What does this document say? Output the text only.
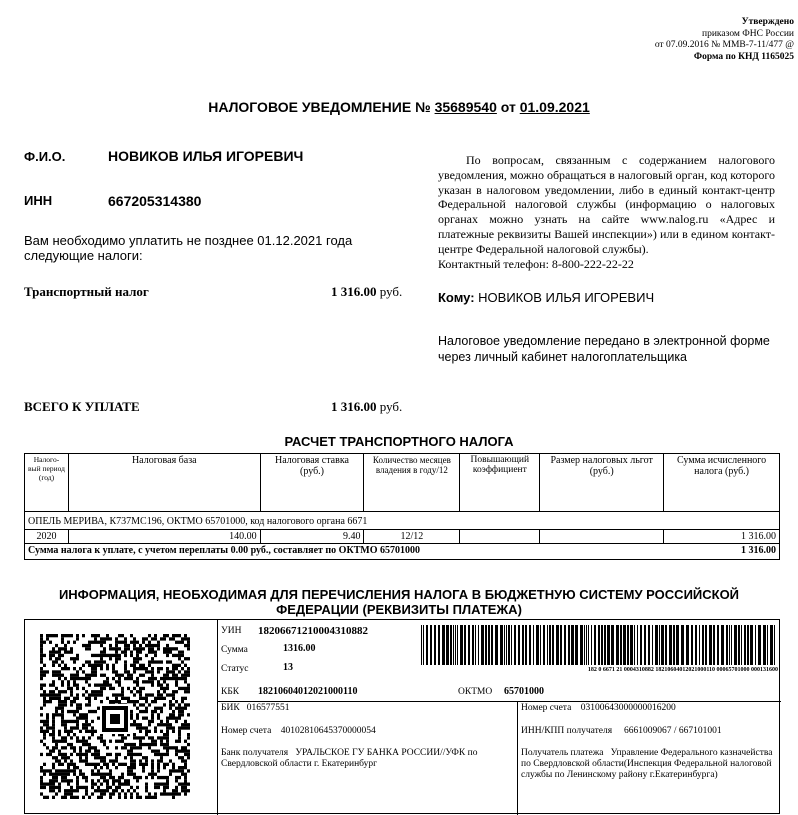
Утверждено
приказом ФНС России
от 07.09.2016 № ММВ-7-11/477 @
Форма по КНД 1165025
НАЛОГОВОЕ УВЕДОМЛЕНИЕ № 35689540 от 01.09.2021
Ф.И.О.	НОВИКОВ ИЛЬЯ ИГОРЕВИЧ
ИНН	667205314380
Вам необходимо уплатить не позднее 01.12.2021 года
следующие налоги:
Транспортный налог	1 316.00 руб.
ВСЕГО К УПЛАТЕ	1 316.00 руб.

По вопросам, связанным с содержанием налогового уведомления, можно обращаться в налоговый орган, код которого указан в налоговом уведомлении, либо в единый контакт-центр Федеральной налоговой службы (информацию о налоговых органах можно узнать на сайте www.nalog.ru «Адрес и платежные реквизиты Вашей инспекции») или в едином контакт-центре Федеральной налоговой службы).

Контактный телефон: 8-800-222-22-22
Кому: НОВИКОВ ИЛЬЯ ИГОРЕВИЧ
Налоговое уведомление передано в электронной форме
через личный кабинет налогоплательщика
РАСЧЕТ ТРАНСПОРТНОГО НАЛОГА
Налого-вый период (год)	Налоговая база	Налоговая ставка (руб.)	Количество месяцев владения в году/12	Повышающий коэффициент	Размер налоговых льгот (руб.)	Сумма исчисленного налога (руб.)
ОПЕЛЬ МЕРИВА, К737МС196, ОКТМО 65701000, код налогового органа 6671						
2020	140.00	9.40	12/12			1 316.00
Сумма налога к уплате, с учетом переплаты 0.00 руб., составляет по ОКТМО 65701000						1 316.00
ИНФОРМАЦИЯ, НЕОБХОДИМАЯ ДЛЯ ПЕРЕЧИСЛЕНИЯ НАЛОГА В БЮДЖЕТНУЮ СИСТЕМУ РОССИЙСКОЙ
ФЕДЕРАЦИИ (РЕКВИЗИТЫ ПЛАТЕЖА)
УИН 18206671210004310882
Сумма	1316.00
Статус	13
КБК 18210604012021000110	ОКТМО 65701000
182 0 6671 21 0004310882 18210604012021000110 00065701000 000131600
БИК 016577551
Номер счета 40102810645370000054
Банк получателя УРАЛЬСКОЕ ГУ БАНКА РОССИИ//УФК по
Свердловской области г. Екатеринбург
Номер счета 03100643000000016200
ИНН/КПП получателя 6661009067 / 667101001
Получатель платежа Управление Федерального казначейства
по Свердловской области(Инспекция Федеральной налоговой
службы по Ленинскому району г.Екатеринбурга)
